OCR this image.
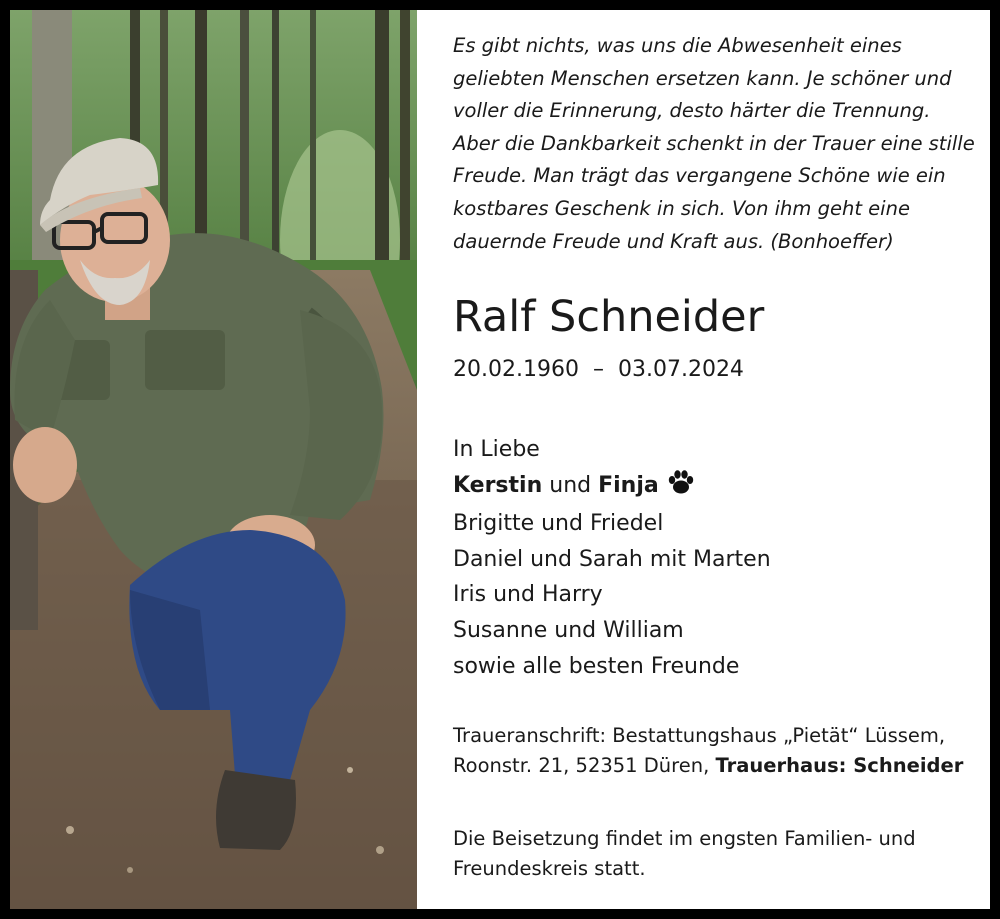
Es gibt nichts, was uns die Abwesenheit eines
geliebten Menschen ersetzen kann. Je schöner und
voller die Erinnerung, desto härter die Trennung.
Aber die Dankbarkeit schenkt in der Trauer eine stille
Freude. Man trägt das vergangene Schöne wie ein
kostbares Geschenk in sich. Von ihm geht eine
dauernde Freude und Kraft aus. (Bonhoeffer)

Ralf Schneider
20.02.1960 – 03.07.2024
In Liebe
Kerstin und Finja
Brigitte und Friedel
Daniel und Sarah mit Marten
Iris und Harry
Susanne und William
sowie alle besten Freunde
Traueranschrift: Bestattungshaus „Pietät“ Lüssem,
Roonstr. 21, 52351 Düren, Trauerhaus: Schneider
Die Beisetzung findet im engsten Familien- und
Freundeskreis statt.
